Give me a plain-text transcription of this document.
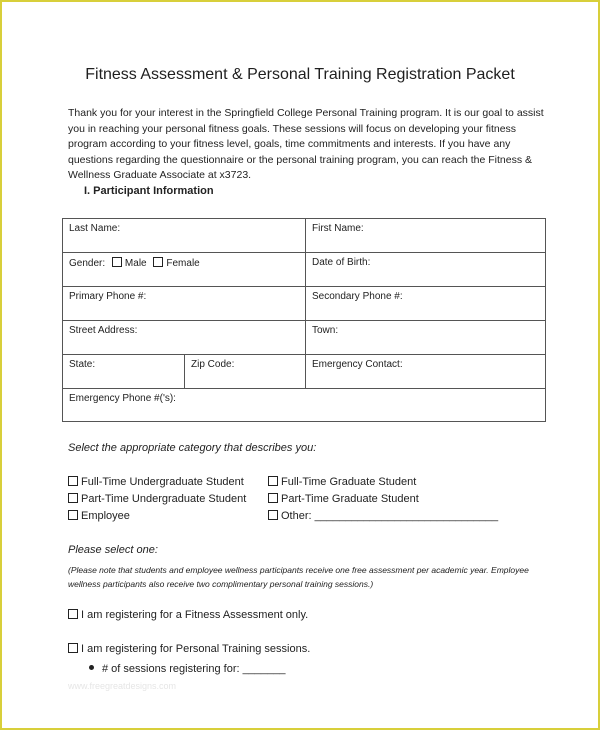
Fitness Assessment & Personal Training Registration Packet
Thank you for your interest in the Springfield College Personal Training program. It is our goal to assist you in reaching your personal fitness goals. These sessions will focus on developing your fitness program according to your fitness level, goals, time commitments and interests. If you have any questions regarding the questionnaire or the personal training program, you can reach the Fitness & Wellness Graduate Associate at x3723.
I. Participant Information
Last Name:	First Name:
Gender: Male Female	Date of Birth:
Primary Phone #:	Secondary Phone #:
Street Address:	Town:
State:	Zip Code:	Emergency Contact:
Emergency Phone #('s):
Select the appropriate category that describes you:
Full-Time Undergraduate Student
Part-Time Undergraduate Student
Employee
Full-Time Graduate Student
Part-Time Graduate Student
Other: ______________________________
Please select one:
(Please note that students and employee wellness participants receive one free assessment per academic year. Employee wellness participants also receive two complimentary personal training sessions.)
I am registering for a Fitness Assessment only.
I am registering for Personal Training sessions.
# of sessions registering for: _______
www.freegreatdesigns.com
